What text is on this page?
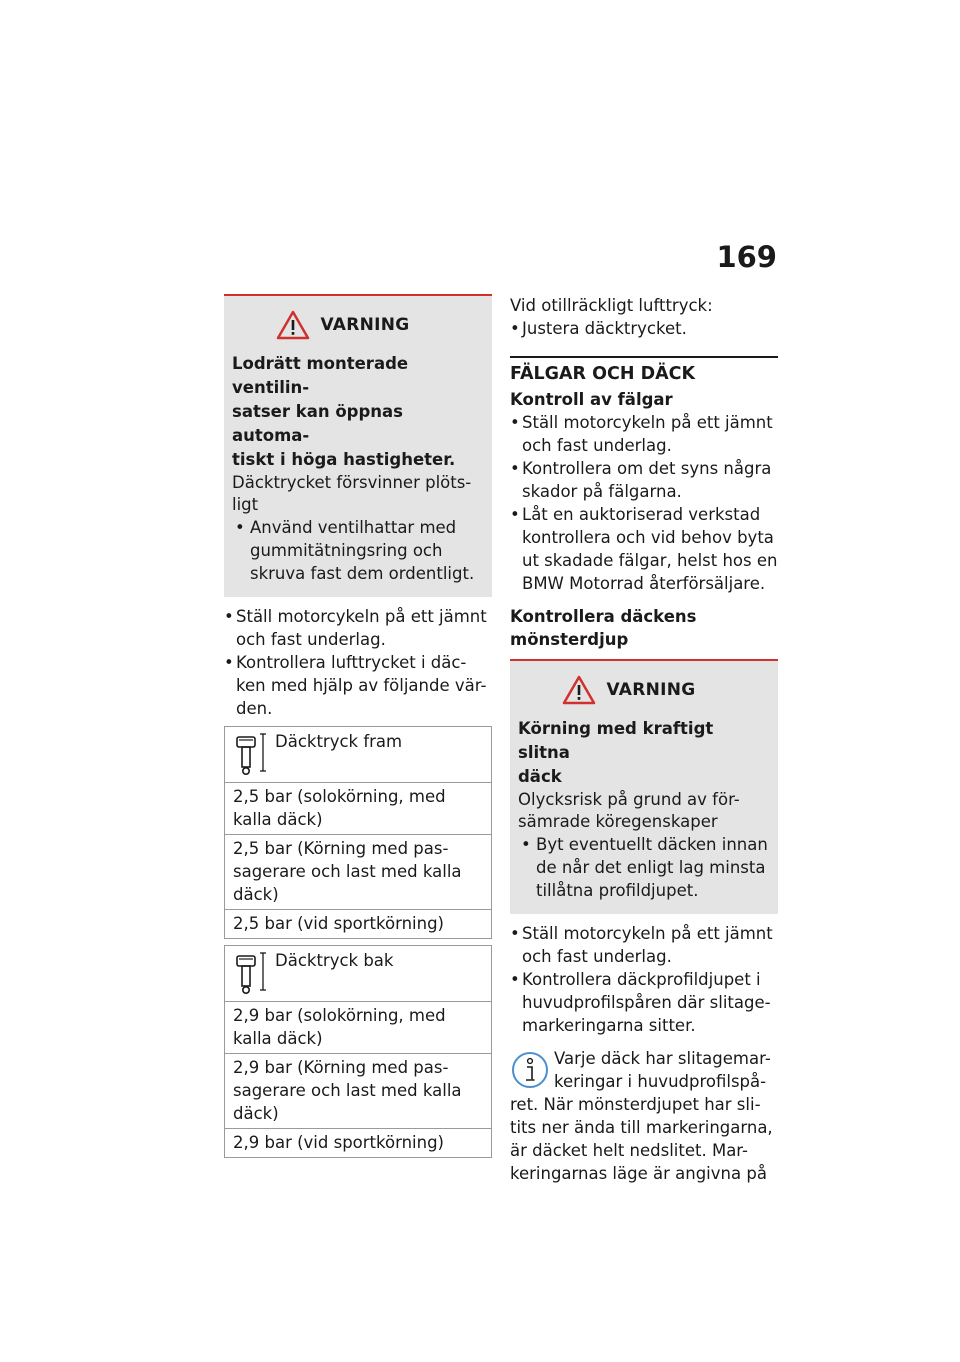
169
VARNING
Lodrätt monterade ventilin-
satser kan öppnas automa-
tiskt i höga hastigheter.
Däcktrycket försvinner plöts-
ligt
• Använd ventilhattar med
gummitätningsring och
skruva fast dem ordentligt.
• Ställ motorcykeln på ett jämnt
och fast underlag.
• Kontrollera lufttrycket i däc-
ken med hjälp av följande vär-
den.
Däcktryck fram
2,5 bar (solokörning, med
kalla däck)
2,5 bar (Körning med pas-
sagerare och last med kalla
däck)
2,5 bar (vid sportkörning)
Däcktryck bak
2,9 bar (solokörning, med
kalla däck)
2,9 bar (Körning med pas-
sagerare och last med kalla
däck)
2,9 bar (vid sportkörning)
Vid otillräckligt lufttryck:
• Justera däcktrycket.
FÄLGAR OCH DÄCK
Kontroll av fälgar
• Ställ motorcykeln på ett jämnt
och fast underlag.
• Kontrollera om det syns några
skador på fälgarna.
• Låt en auktoriserad verkstad
kontrollera och vid behov byta
ut skadade fälgar, helst hos en
BMW Motorrad återförsäljare.
Kontrollera däckens
mönsterdjup
VARNING
Körning med kraftigt slitna
däck
Olycksrisk på grund av för-
sämrade köregenskaper
• Byt eventuellt däcken innan
de når det enligt lag minsta
tillåtna profildjupet.
• Ställ motorcykeln på ett jämnt
och fast underlag.
• Kontrollera däckprofildjupet i
huvudprofilspåren där slitage-
markeringarna sitter.
Varje däck har slitagemar-
keringar i huvudprofilspå-
ret. När mönsterdjupet har sli-
tits ner ända till markeringarna,
är däcket helt nedslitet. Mar-
keringarnas läge är angivna på
